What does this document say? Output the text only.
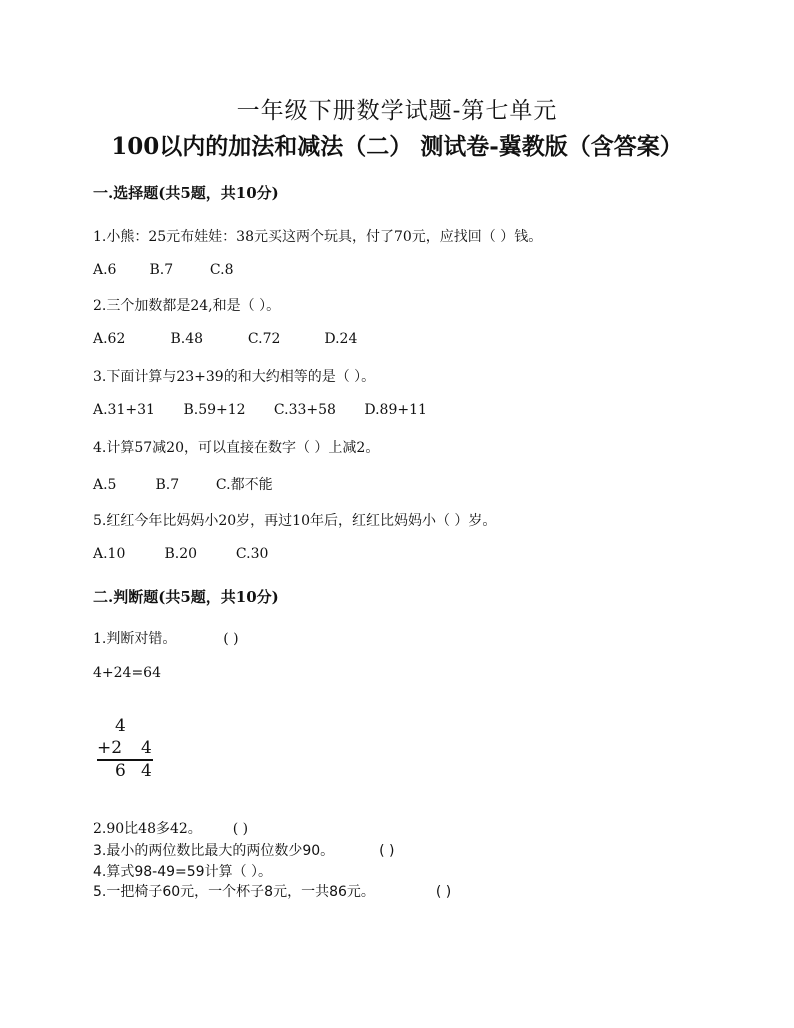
一年级下册数学试题-第七单元
100以内的加法和减法（二） 测试卷-冀教版（含答案）
一.选择题(共5题，共10分)
1.小熊：25元布娃娃：38元买这两个玩具，付了70元，应找回（ ）钱。
A.6 B.7	C.8
2.三个加数都是24,和是（ ）。
A.62	B.48	C.72	D.24
3.下面计算与23+39的和大约相等的是（ ）。
A.31+31 B.59+12 C.33+58 D.89+11
4.计算57减20，可以直接在数字（ ）上减2。
A.5	B.7	C.都不能
5.红红今年比妈妈小20岁，再过10年后，红红比妈妈小（ ）岁。
A.10	B.20	C.30
二.判断题(共5题，共10分)
1.判断对错。	( )
4+24=64
4
+2 4
6 4
2.90比48多42。 ( )
3.最小的两位数比最大的两位数少90。	( )
4.算式98-49=59计算（ ）。
5.一把椅子60元，一个杯子8元，一共86元。	( )
